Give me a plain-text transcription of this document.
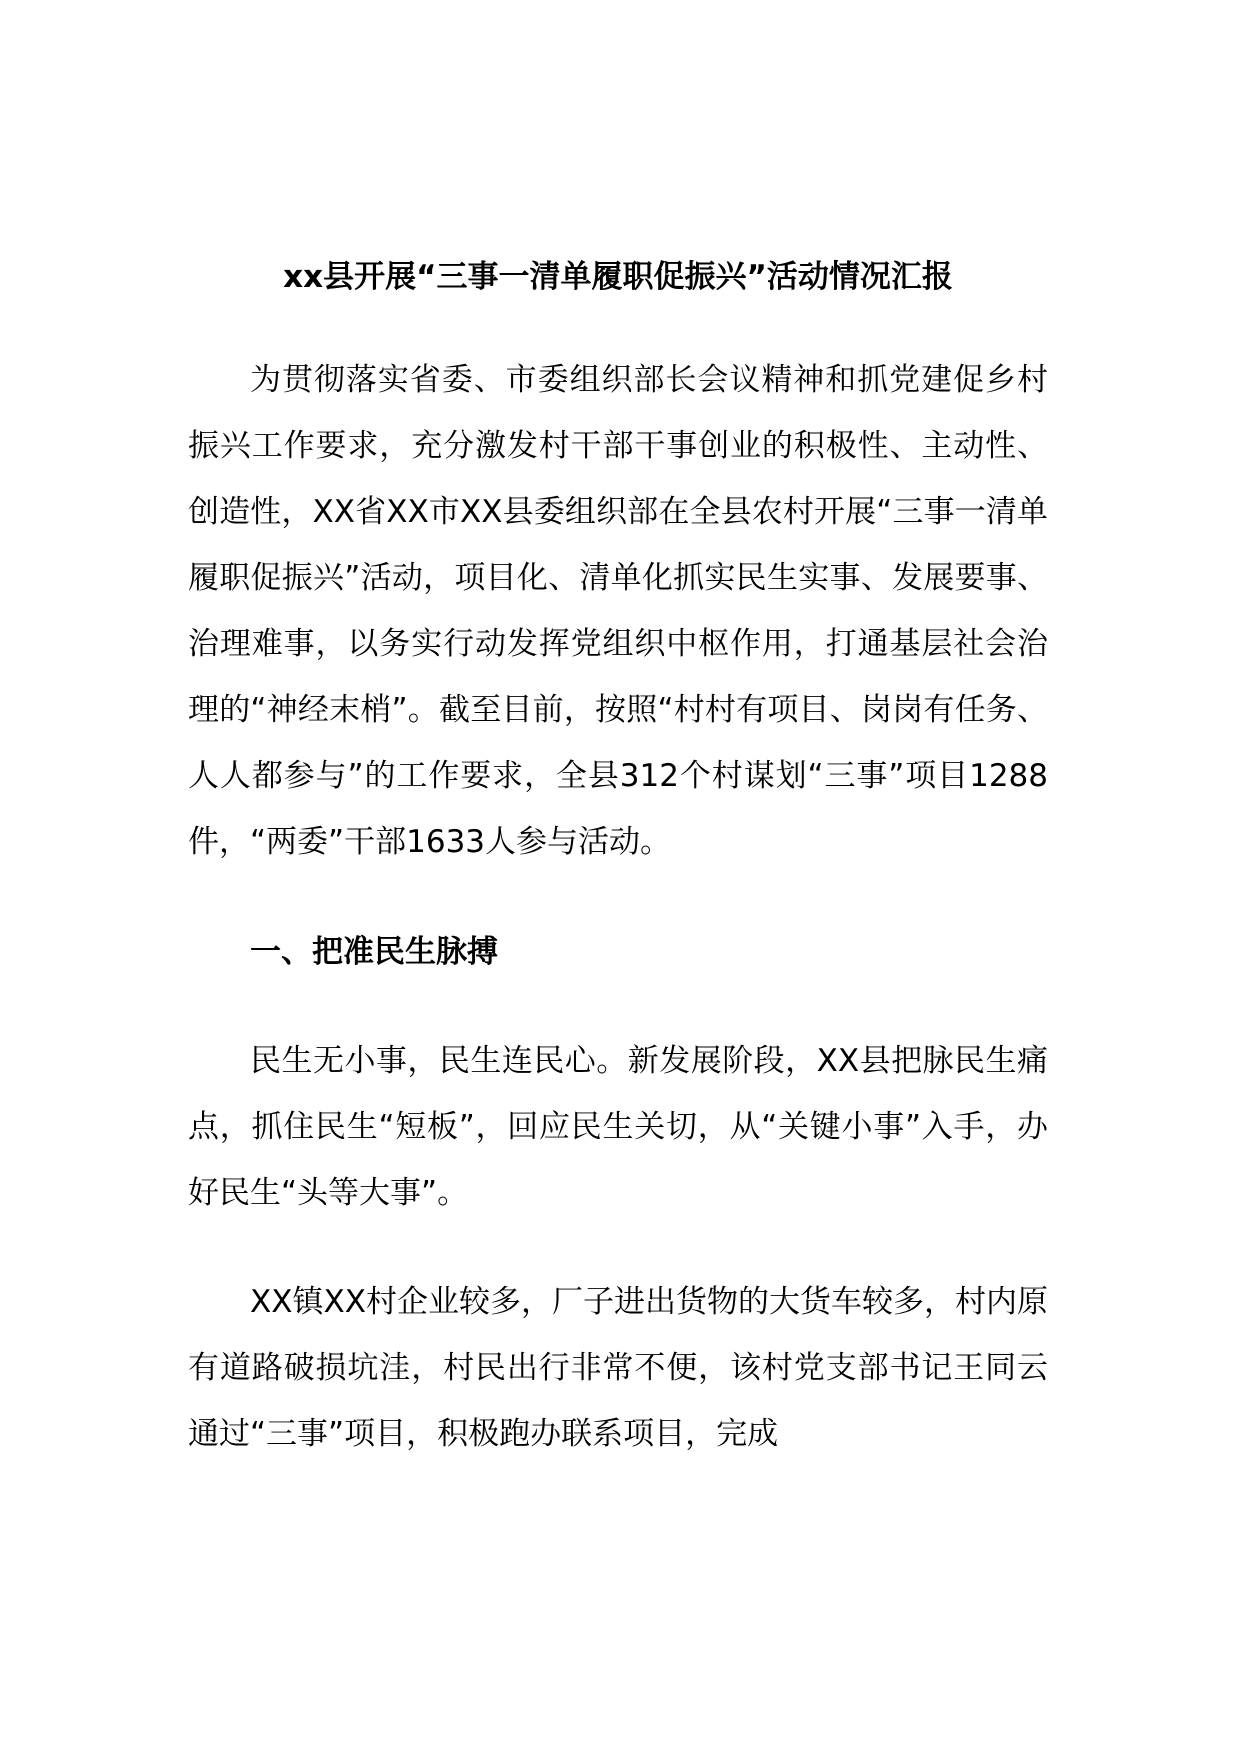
xx县开展“三事一清单履职促振兴”活动情况汇报

为贯彻落实省委、市委组织部长会议精神和抓党建促乡村振兴工作要求，充分激发村干部干事创业的积极性、主动性、创造性，XX省XX市XX县委组织部在全县农村开展“三事一清单履职促振兴”活动，项目化、清单化抓实民生实事、发展要事、治理难事，以务实行动发挥党组织中枢作用，打通基层社会治理的“神经末梢”。截至目前，按照“村村有项目、岗岗有任务、人人都参与”的工作要求，全县312个村谋划“三事”项目1288件，“两委”干部1633人参与活动。

一、把准民生脉搏

民生无小事，民生连民心。新发展阶段，XX县把脉民生痛点，抓住民生“短板”，回应民生关切，从“关键小事”入手，办好民生“头等大事”。

XX镇XX村企业较多，厂子进出货物的大货车较多，村内原有道路破损坑洼，村民出行非常不便，该村党支部书记王同云通过“三事”项目，积极跑办联系项目，完成
